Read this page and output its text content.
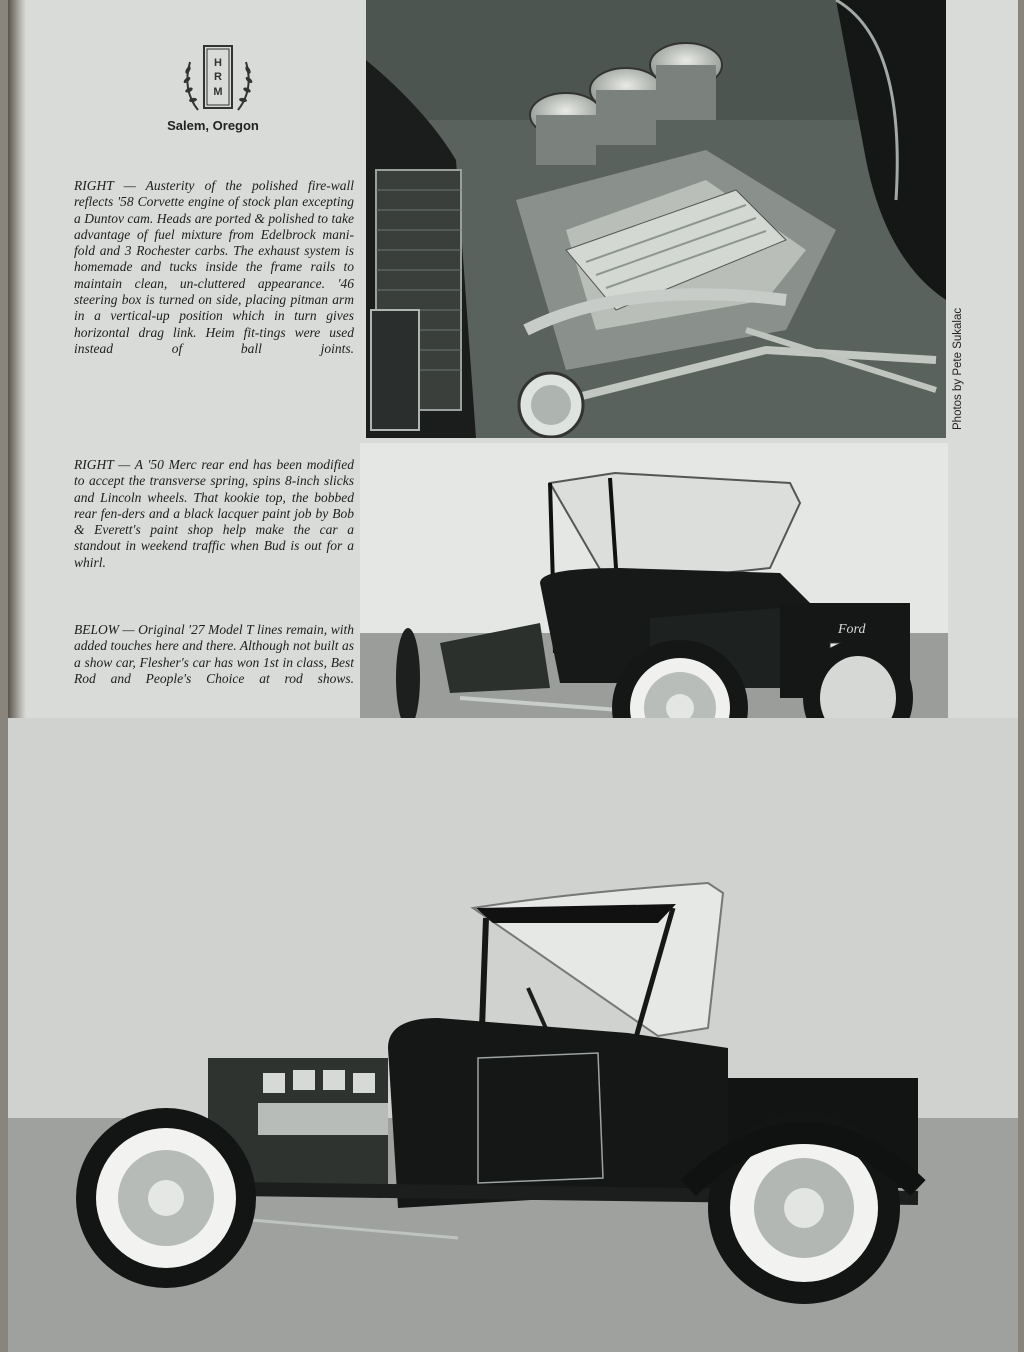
H
R
M
Salem, Oregon

RIGHT — Austerity of the polished fire-wall reflects '58 Corvette engine of stock plan excepting a Duntov cam. Heads are ported & polished to take advantage of fuel mixture from Edelbrock mani-fold and 3 Rochester carbs. The exhaust system is homemade and tucks inside the frame rails to maintain clean, un-cluttered appearance. '46 steering box is turned on side, placing pitman arm in a vertical-up position which in turn gives horizontal drag link. Heim fit-tings were used instead of ball joints.

RIGHT — A '50 Merc rear end has been modified to accept the transverse spring, spins 8-inch slicks and Lincoln wheels. That kookie top, the bobbed rear fen-ders and a black lacquer paint job by Bob & Everett's paint shop help make the car a standout in weekend traffic when Bud is out for a whirl.

BELOW — Original '27 Model T lines remain, with added touches here and there. Although not built as a show car, Flesher's car has won 1st in class, Best Rod and People's Choice at rod shows.

Ford
Photos by Pete Sukalac
